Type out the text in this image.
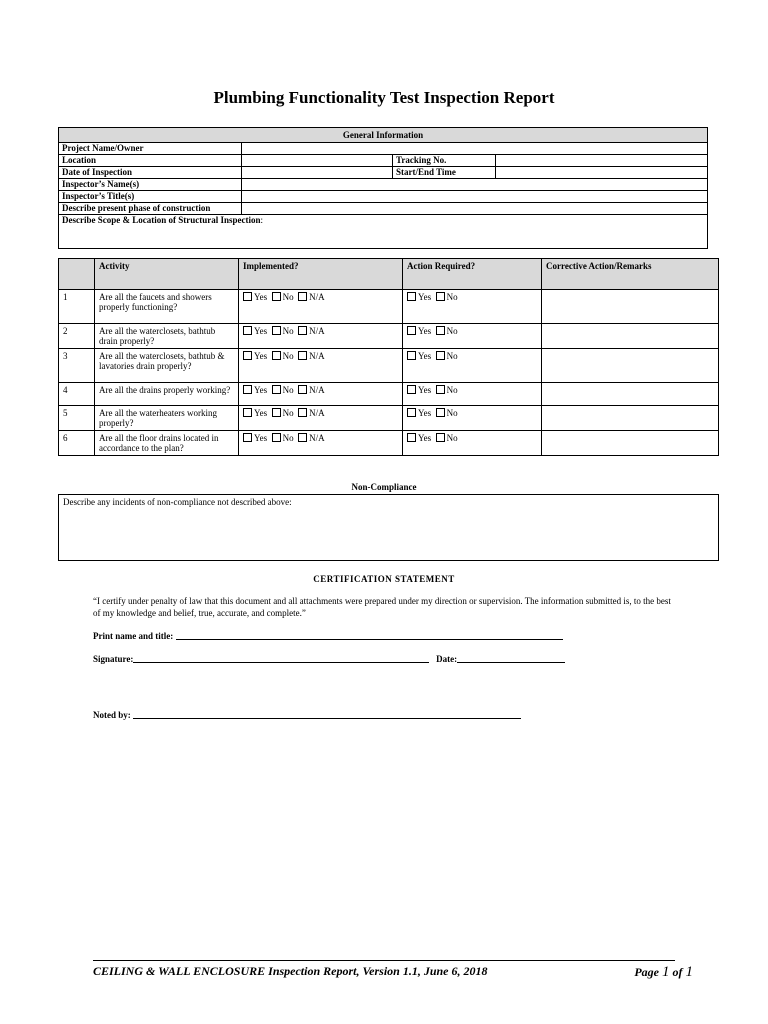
Plumbing Functionality Test Inspection Report
General Information			
Project Name/Owner			
Location		Tracking No.	
Date of Inspection		Start/End Time	
Inspector’s Name(s)			
Inspector’s Title(s)			
Describe present phase of construction			
Describe Scope & Location of Structural Inspection:			
	Activity	Implemented?	Action Required?	Corrective Action/Remarks
1	Are all the faucets and showers properly functioning?	Yes No N/A	Yes No	
2	Are all the waterclosets, bathtub drain properly?	Yes No N/A	Yes No	
3	Are all the waterclosets, bathtub & lavatories drain properly?	Yes No N/A	Yes No	
4	Are all the drains properly working?	Yes No N/A	Yes No	
5	Are all the waterheaters working properly?	Yes No N/A	Yes No	
6	Are all the floor drains located in accordance to the plan?	Yes No N/A	Yes No	
Non-Compliance
Describe any incidents of non-compliance not described above:
CERTIFICATION STATEMENT
“I certify under penalty of law that this document and all attachments were prepared under my direction or supervision. The information submitted is, to the best of my knowledge and belief, true, accurate, and complete.”
Print name and title:
Signature:	Date:
Noted by:
CEILING & WALL ENCLOSURE Inspection Report, Version 1.1, June 6, 2018	Page 1 of 1
